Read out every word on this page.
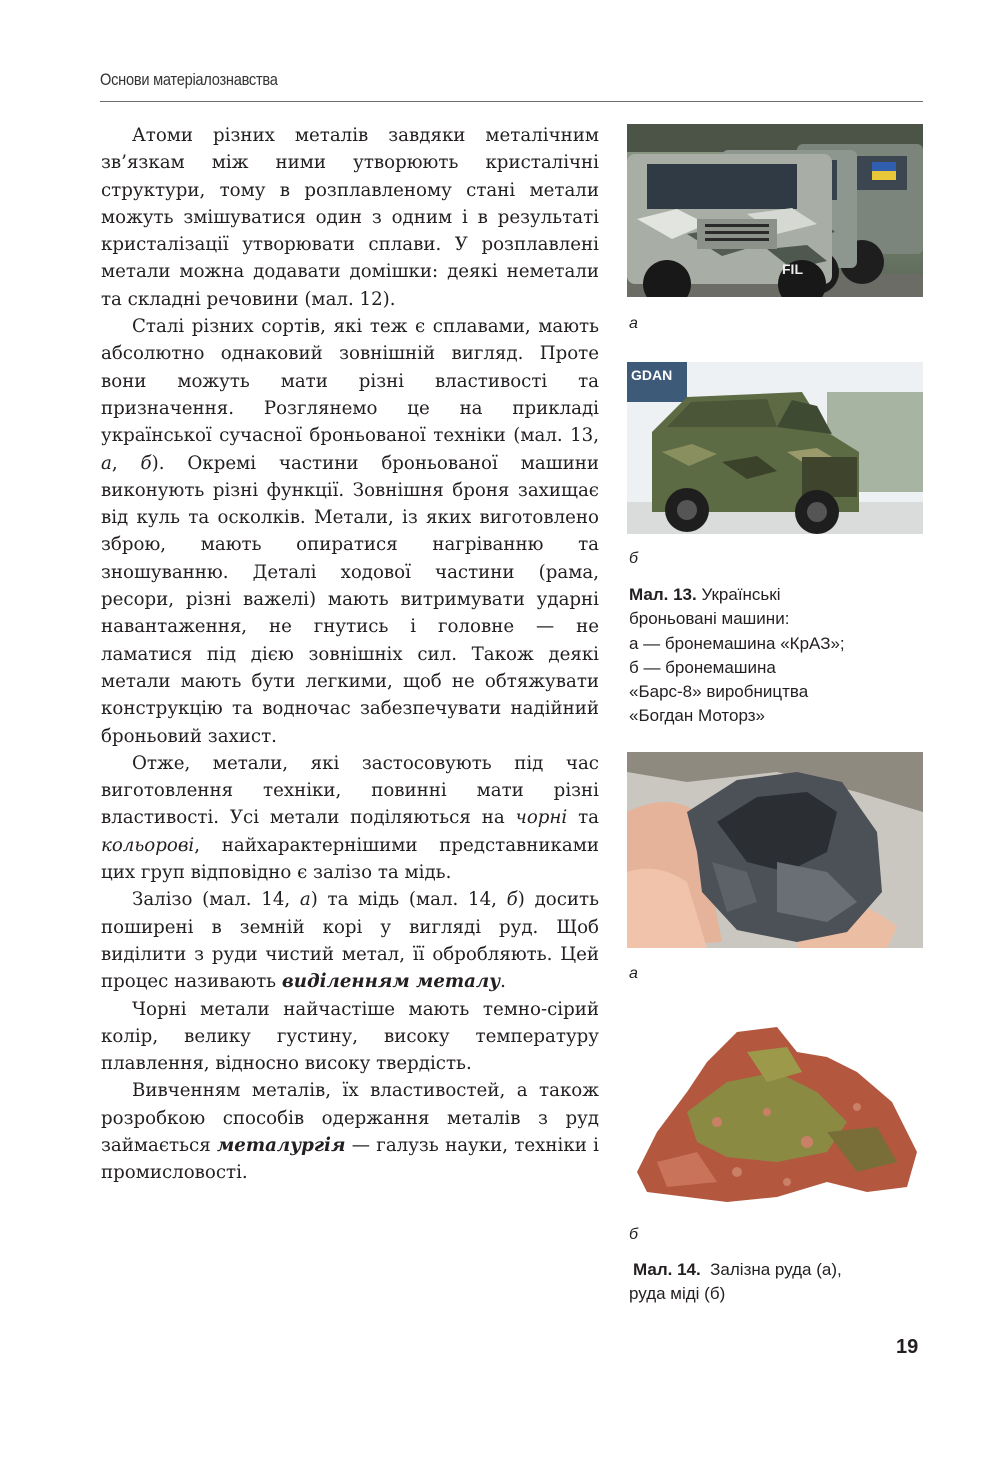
Основи матеріалознавства

Атоми різних металів завдяки металічним зв’язкам між ними утворюють кристалічні структури, тому в розплавленому стані метали можуть змішуватися один з одним і в результаті кристалізації утворювати сплави. У розплавлені метали можна додавати домішки: деякі неметали та складні речовини (мал. 12).

Сталі різних сортів, які теж є сплавами, мають абсолютно однаковий зовнішній вигляд. Проте вони можуть мати різні властивості та призначення. Розглянемо це на прикладі української сучасної броньованої техніки (мал. 13, а, б). Окремі частини броньованої машини виконують різні функції. Зовнішня броня захищає від куль та осколків. Метали, із яких виготовлено зброю, мають опиратися нагріванню та зношуванню. Деталі ходової частини (рама, ресори, різні важелі) мають витримувати ударні навантаження, не гнутись і головне — не ламатися під дією зовнішніх сил. Також деякі метали мають бути легкими, щоб не обтяжувати конструкцію та водночас забезпечувати надійний броньовий захист.

Отже, метали, які застосовують під час виготовлення техніки, повинні мати різні властивості. Усі метали поділяються на чорні та кольорові, найхарактернішими представниками цих груп відповідно є залізо та мідь.

Залізо (мал. 14, а) та мідь (мал. 14, б) досить поширені в земній корі у вигляді руд. Щоб виділити з руди чистий метал, її обробляють. Цей процес називають виділенням металу.

Чорні метали найчастіше мають темно-сірий колір, велику густину, високу температуру плавлення, відносно високу твердість.

Вивченням металів, їх властивостей, а також розробкою способів одержання металів з руд займається металургія — галузь науки, техніки і промисловості.

FIL
а
GDAN
б
Мал. 13. Українські
броньовані машини:
а — бронемашина «КрАЗ»;
б — бронемашина
«Барс-8» виробництва
«Богдан Моторз»
а
б
Мал. 14. Залізна руда (а),
руда міді (б)
19
